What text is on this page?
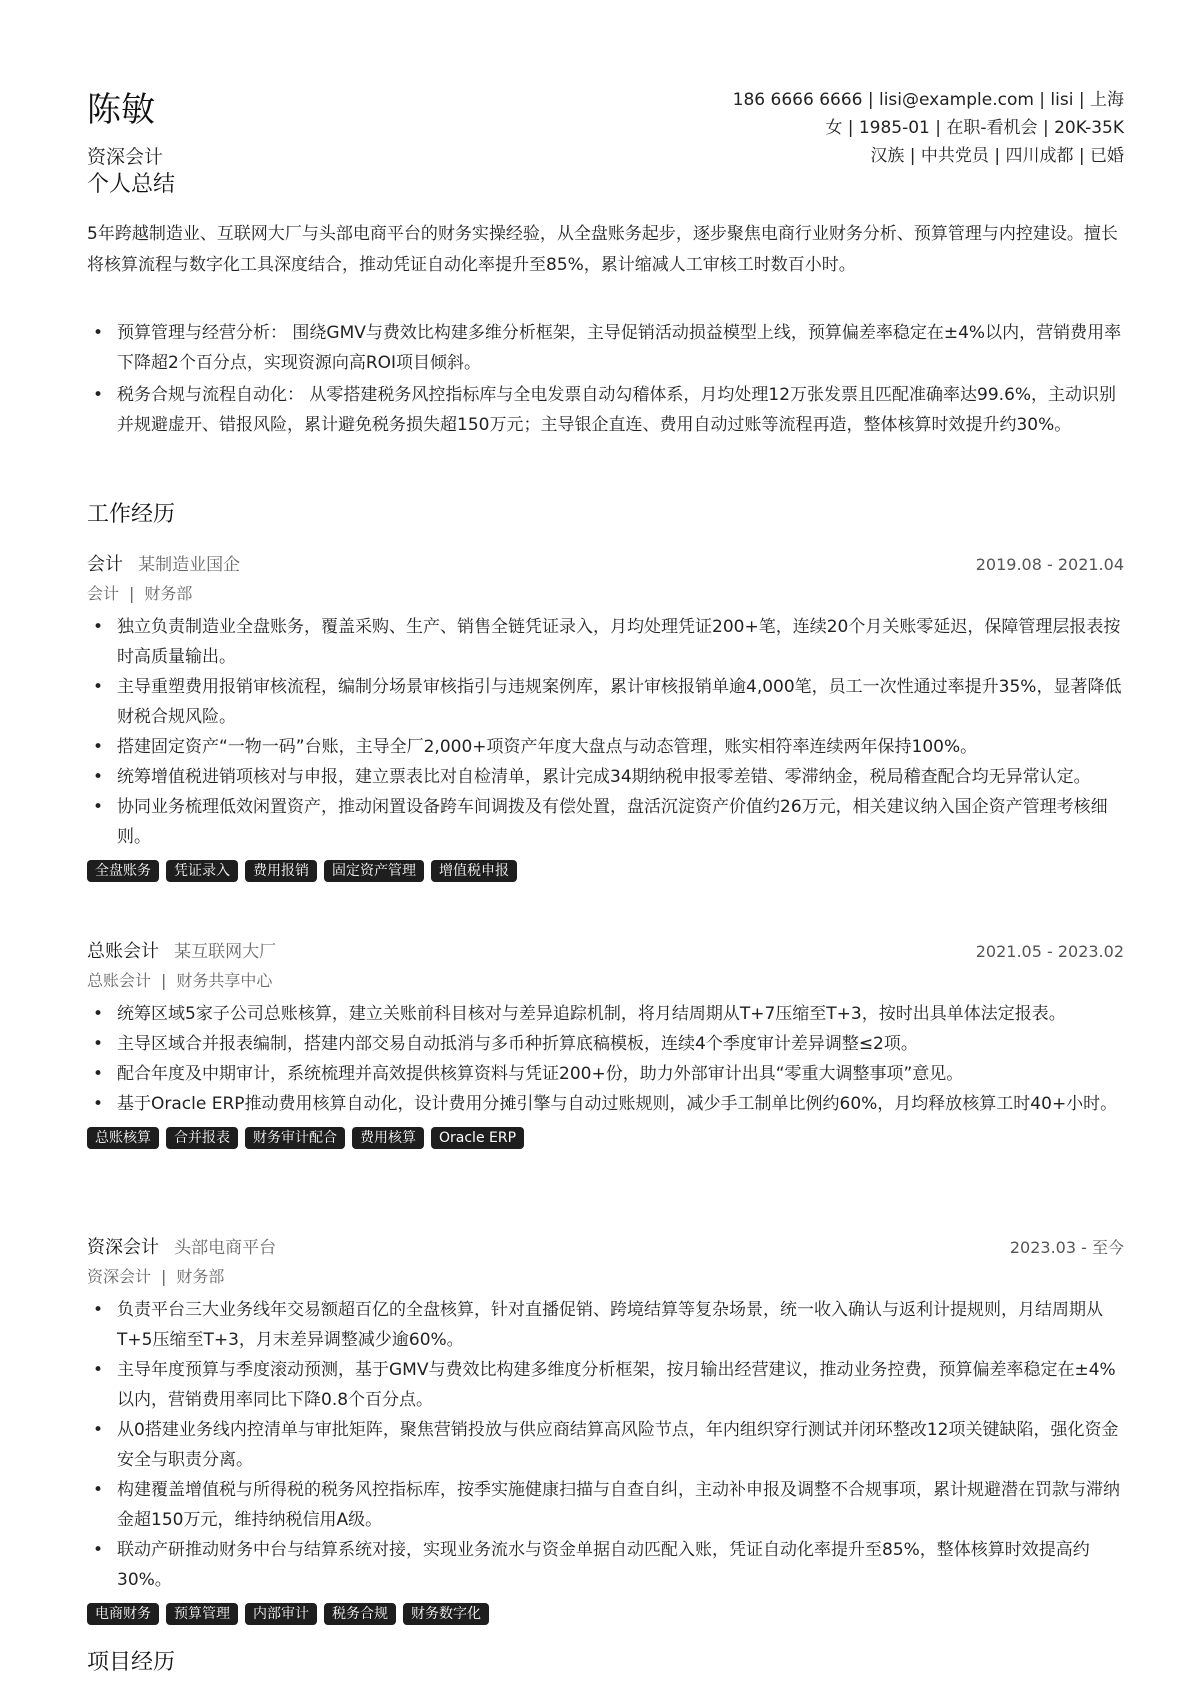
陈敏
资深会计
186 6666 6666 | lisi@example.com | lisi | 上海
女 | 1985-01 | 在职-看机会 | 20K-35K
汉族 | 中共党员 | 四川成都 | 已婚
个人总结
5年跨越制造业、互联网大厂与头部电商平台的财务实操经验，从全盘账务起步，逐步聚焦电商行业财务分析、预算管理与内控建设。擅长将核算流程与数字化工具深度结合，推动凭证自动化率提升至85%，累计缩减人工审核工时数百小时。
• 预算管理与经营分析： 围绕GMV与费效比构建多维分析框架，主导促销活动损益模型上线，预算偏差率稳定在±4%以内，营销费用率下降超2个百分点，实现资源向高ROI项目倾斜。
• 税务合规与流程自动化： 从零搭建税务风控指标库与全电发票自动勾稽体系，月均处理12万张发票且匹配准确率达99.6%，主动识别并规避虚开、错报风险，累计避免税务损失超150万元；主导银企直连、费用自动过账等流程再造，整体核算时效提升约30%。
工作经历
会计 某制造业国企	2019.08 - 2021.04
会计 | 财务部
• 独立负责制造业全盘账务，覆盖采购、生产、销售全链凭证录入，月均处理凭证200+笔，连续20个月关账零延迟，保障管理层报表按时高质量输出。
• 主导重塑费用报销审核流程，编制分场景审核指引与违规案例库，累计审核报销单逾4,000笔，员工一次性通过率提升35%，显著降低财税合规风险。
• 搭建固定资产“一物一码”台账，主导全厂2,000+项资产年度大盘点与动态管理，账实相符率连续两年保持100%。
• 统筹增值税进销项核对与申报，建立票表比对自检清单，累计完成34期纳税申报零差错、零滞纳金，税局稽查配合均无异常认定。
• 协同业务梳理低效闲置资产，推动闲置设备跨车间调拨及有偿处置，盘活沉淀资产价值约26万元，相关建议纳入国企资产管理考核细则。
全盘账务	凭证录入	费用报销	固定资产管理	增值税申报
总账会计 某互联网大厂	2021.05 - 2023.02
总账会计 | 财务共享中心
• 统筹区域5家子公司总账核算，建立关账前科目核对与差异追踪机制，将月结周期从T+7压缩至T+3，按时出具单体法定报表。
• 主导区域合并报表编制，搭建内部交易自动抵消与多币种折算底稿模板，连续4个季度审计差异调整≤2项。
• 配合年度及中期审计，系统梳理并高效提供核算资料与凭证200+份，助力外部审计出具“零重大调整事项”意见。
• 基于Oracle ERP推动费用核算自动化，设计费用分摊引擎与自动过账规则，减少手工制单比例约60%，月均释放核算工时40+小时。
总账核算	合并报表	财务审计配合	费用核算	Oracle ERP
资深会计 头部电商平台	2023.03 - 至今
资深会计 | 财务部
• 负责平台三大业务线年交易额超百亿的全盘核算，针对直播促销、跨境结算等复杂场景，统一收入确认与返利计提规则，月结周期从T+5压缩至T+3，月末差异调整减少逾60%。
• 主导年度预算与季度滚动预测，基于GMV与费效比构建多维度分析框架，按月输出经营建议，推动业务控费，预算偏差率稳定在±4%以内，营销费用率同比下降0.8个百分点。
• 从0搭建业务线内控清单与审批矩阵，聚焦营销投放与供应商结算高风险节点，年内组织穿行测试并闭环整改12项关键缺陷，强化资金安全与职责分离。
• 构建覆盖增值税与所得税的税务风控指标库，按季实施健康扫描与自查自纠，主动补申报及调整不合规事项，累计规避潜在罚款与滞纳金超150万元，维持纳税信用A级。
• 联动产研推动财务中台与结算系统对接，实现业务流水与资金单据自动匹配入账，凭证自动化率提升至85%，整体核算时效提高约30%。
电商财务	预算管理	内部审计	税务合规	财务数字化
项目经历
